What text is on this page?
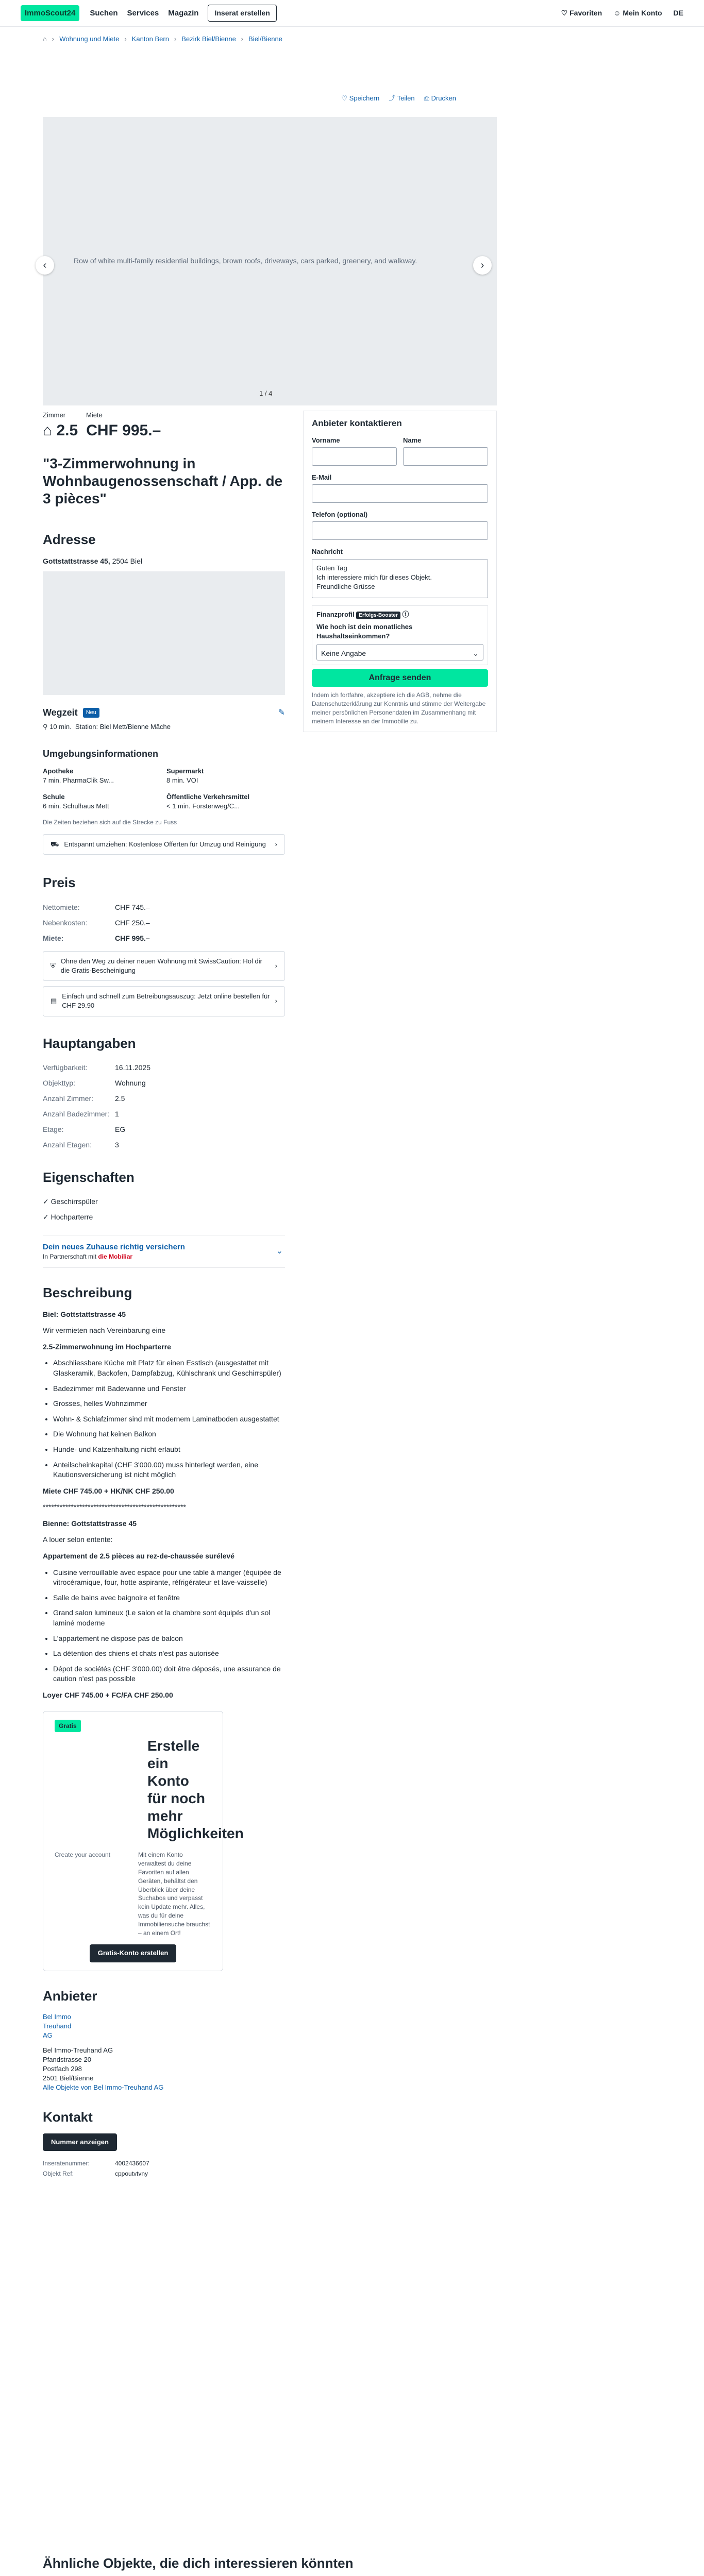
ImmoScout24	Suchen Services Magazin	Inserat erstellen	♡ Favoriten ☺ Mein Konto DE
⌂ › Wohnung und Miete › Kanton Bern › Bezirk Biel/Bienne › Biel/Bienne
♡ Speichern ⤴ Teilen ⎙ Drucken
Row of white multi-family residential buildings, brown roofs, driveways, cars parked, greenery, and walkway.
‹	›
1 / 4
Zimmer	Miete
⌂ 2.5 CHF 995.–
"3-Zimmerwohnung in Wohnbaugenossenschaft / App. de 3 pièces"
Adresse
Gottstattstrasse 45, 2504 Biel
Wegzeit	Neu	✎
⚲ 10 min. Station: Biel Mett/Bienne Mâche
Umgebungsinformationen
Apotheke
7 min. PharmaClik Sw...
Supermarkt
8 min. VOI
Schule
6 min. Schulhaus Mett
Öffentliche Verkehrsmittel
< 1 min. Forstenweg/C...
Die Zeiten beziehen sich auf die Strecke zu Fuss
⛟ Entspannt umziehen: Kostenlose Offerten für Umzug und Reinigung ›
Preis
Nettomiete:	CHF 745.–
Nebenkosten:	CHF 250.–
Miete:	CHF 995.–
⛨
Ohne den Weg zu deiner neuen Wohnung mit SwissCaution: Hol dir die Gratis-Bescheinigung
›
▤
Einfach und schnell zum Betreibungsauszug: Jetzt online bestellen für CHF 29.90
›
Hauptangaben
Verfügbarkeit:	16.11.2025
Objekttyp:	Wohnung
Anzahl Zimmer:	2.5
Anzahl Badezimmer: 1
Etage:	EG
Anzahl Etagen:	3
Eigenschaften
✓ Geschirrspüler
✓ Hochparterre
Dein neues Zuhause richtig versichern
In Partnerschaft mit die Mobiliar
⌄
Beschreibung

Biel: Gottstattstrasse 45

Wir vermieten nach Vereinbarung eine

2.5-Zimmerwohnung im Hochparterre

• Abschliessbare Küche mit Platz für einen Esstisch (ausgestattet mit Glaskeramik, Backofen, Dampfabzug, Kühlschrank und Geschirrspüler)
• Badezimmer mit Badewanne und Fenster
• Grosses, helles Wohnzimmer
• Wohn- & Schlafzimmer sind mit modernem Laminatboden ausgestattet
• Die Wohnung hat keinen Balkon
• Hunde- und Katzenhaltung nicht erlaubt
• Anteilscheinkapital (CHF 3'000.00) muss hinterlegt werden, eine Kautionsversicherung ist nicht möglich

Miete CHF 745.00 + HK/NK CHF 250.00

***************************************************

Bienne: Gottstattstrasse 45

A louer selon entente:

Appartement de 2.5 pièces au rez-de-chaussée surélevé

• Cuisine verrouillable avec espace pour une table à manger (équipée de vitrocéramique, four, hotte aspirante, réfrigérateur et lave-vaisselle)
• Salle de bains avec baignoire et fenêtre
• Grand salon lumineux (Le salon et la chambre sont équipés d'un sol laminé moderne
• L'appartement ne dispose pas de balcon
• La détention des chiens et chats n'est pas autorisée
• Dépot de sociétés (CHF 3'000.00) doit être déposés, une assurance de caution n'est pas possible

Loyer CHF 745.00 + FC/FA CHF 250.00

Gratis
Erstelle ein Konto für noch mehr Möglichkeiten
Create your account	Mit einem Konto verwaltest du deine Favoriten auf allen Geräten, behältst den Überblick über deine Suchabos und verpasst kein Update mehr. Alles, was du für deine Immobiliensuche brauchst – an einem Ort!

Gratis-Konto erstellen
Anbieter
Bel Immo Treuhand AG
Bel Immo-Treuhand AG
Pfandstrasse 20
Postfach 298
2501 Biel/Bienne
Alle Objekte von Bel Immo-Treuhand AG
Kontakt
Nummer anzeigen
Inseratenummer:	4002436607
Objekt Ref:	cppoutvtvny
Anbieter kontaktieren
Vorname	Name
E-Mail
Telefon (optional)
Nachricht
Guten Tag
Ich interessiere mich für dieses Objekt.
Freundliche Grüsse
Finanzprofil Erfolgs-Booster ⓘ
Wie hoch ist dein monatliches Haushaltseinkommen?
Keine Angabe	⌄
Anfrage senden

Indem ich fortfahre, akzeptiere ich die AGB, nehme die Datenschutzerklärung zur Kenntnis und stimme der Weitergabe meiner persönlichen Personendaten im Zusammenhang mit meinem Interesse an der Immobilie zu.

Ähnliche Objekte, die dich interessieren könnten
